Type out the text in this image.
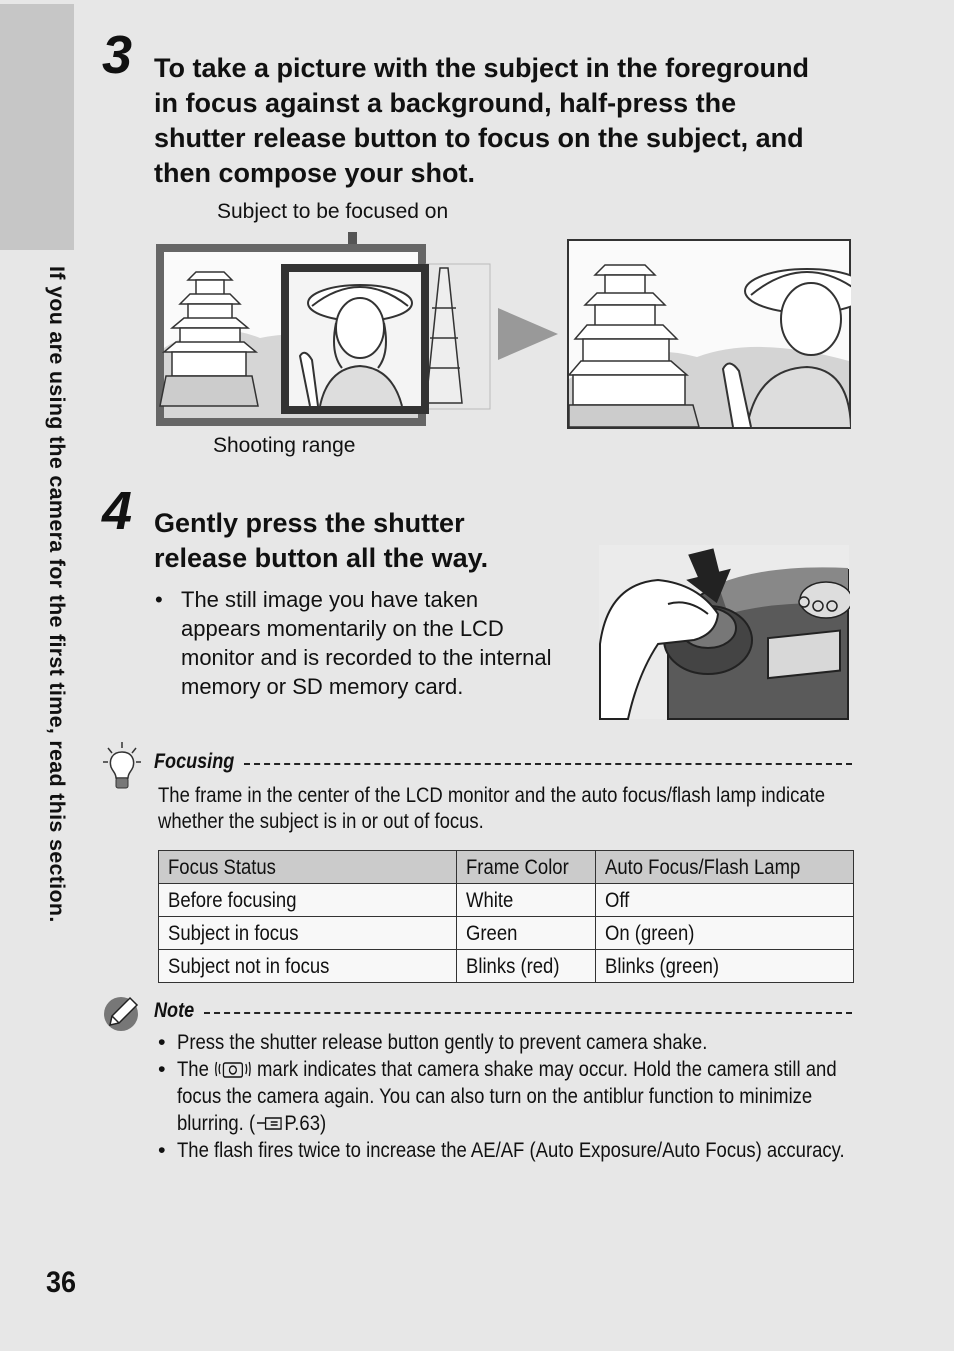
If you are using the camera for the first time, read this section.
36
3 To take a picture with the subject in the foreground
in focus against a background, half-press the
shutter release button to focus on the subject, and
then compose your shot.
Subject to be focused on
Shooting range
4 Gently press the shutter
release button all the way.
• The still image you have taken
appears momentarily on the LCD
monitor and is recorded to the internal
memory or SD memory card.
Focusing
The frame in the center of the LCD monitor and the auto focus/flash lamp indicate
whether the subject is in or out of focus.
Focus Status	Frame Color	Auto Focus/Flash Lamp
Before focusing	White	Off
Subject in focus	Green	On (green)
Subject not in focus	Blinks (red)	Blinks (green)
Note
• Press the shutter release button gently to prevent camera shake.
• The mark indicates that camera shake may occur. Hold the camera still and
focus the camera again. You can also turn on the antiblur function to minimize
blurring. ( P.63)
• The flash fires twice to increase the AE/AF (Auto Exposure/Auto Focus) accuracy.
